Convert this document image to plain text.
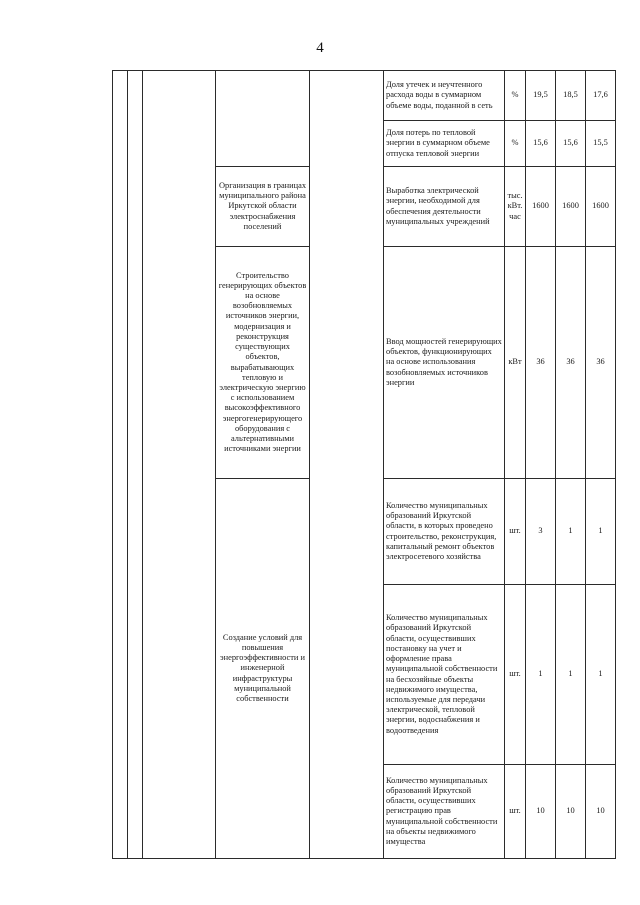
4
					Доля утечек и неучтенного расхода воды в суммарном объеме воды, поданной в сеть	%	19,5	18,5	17,6
					Доля потерь по тепловой энергии в суммарном объеме отпуска тепловой энергии	%	15,6	15,6	15,5
			Организация в границах муниципального района Иркутской области электроснабжения поселений		Выработка электрической энергии, необходимой для обеспечения деятельности муниципальных учреждений	тыс. кВт. час	1600	1600	1600
			Строительство генерирующих объектов на основе возобновляемых источников энергии, модернизация и реконструкция существующих объектов, вырабатывающих тепловую и электрическую энергию с использованием высокоэффективного энергогенерирующего оборудования с альтернативными источниками энергии		Ввод мощностей генерирующих объектов, функционирующих на основе использования возобновляемых источников энергии	кВт	36	36	36
			Создание условий для повышения энергоэффективности и инженерной инфраструктуры муниципальной собственности		Количество муниципальных образований Иркутской области, в которых проведено строительство, реконструкция, капитальный ремонт объектов электросетевого хозяйства	шт.	3	1	1
					Количество муниципальных образований Иркутской области, осуществивших постановку на учет и оформление права муниципальной собственности на бесхозяйные объекты недвижимого имущества, используемые для передачи электрической, тепловой энергии, водоснабжения и водоотведения	шт.	1	1	1
					Количество муниципальных образований Иркутской области, осуществивших регистрацию прав муниципальной собственности на объекты недвижимого имущества	шт.	10	10	10
